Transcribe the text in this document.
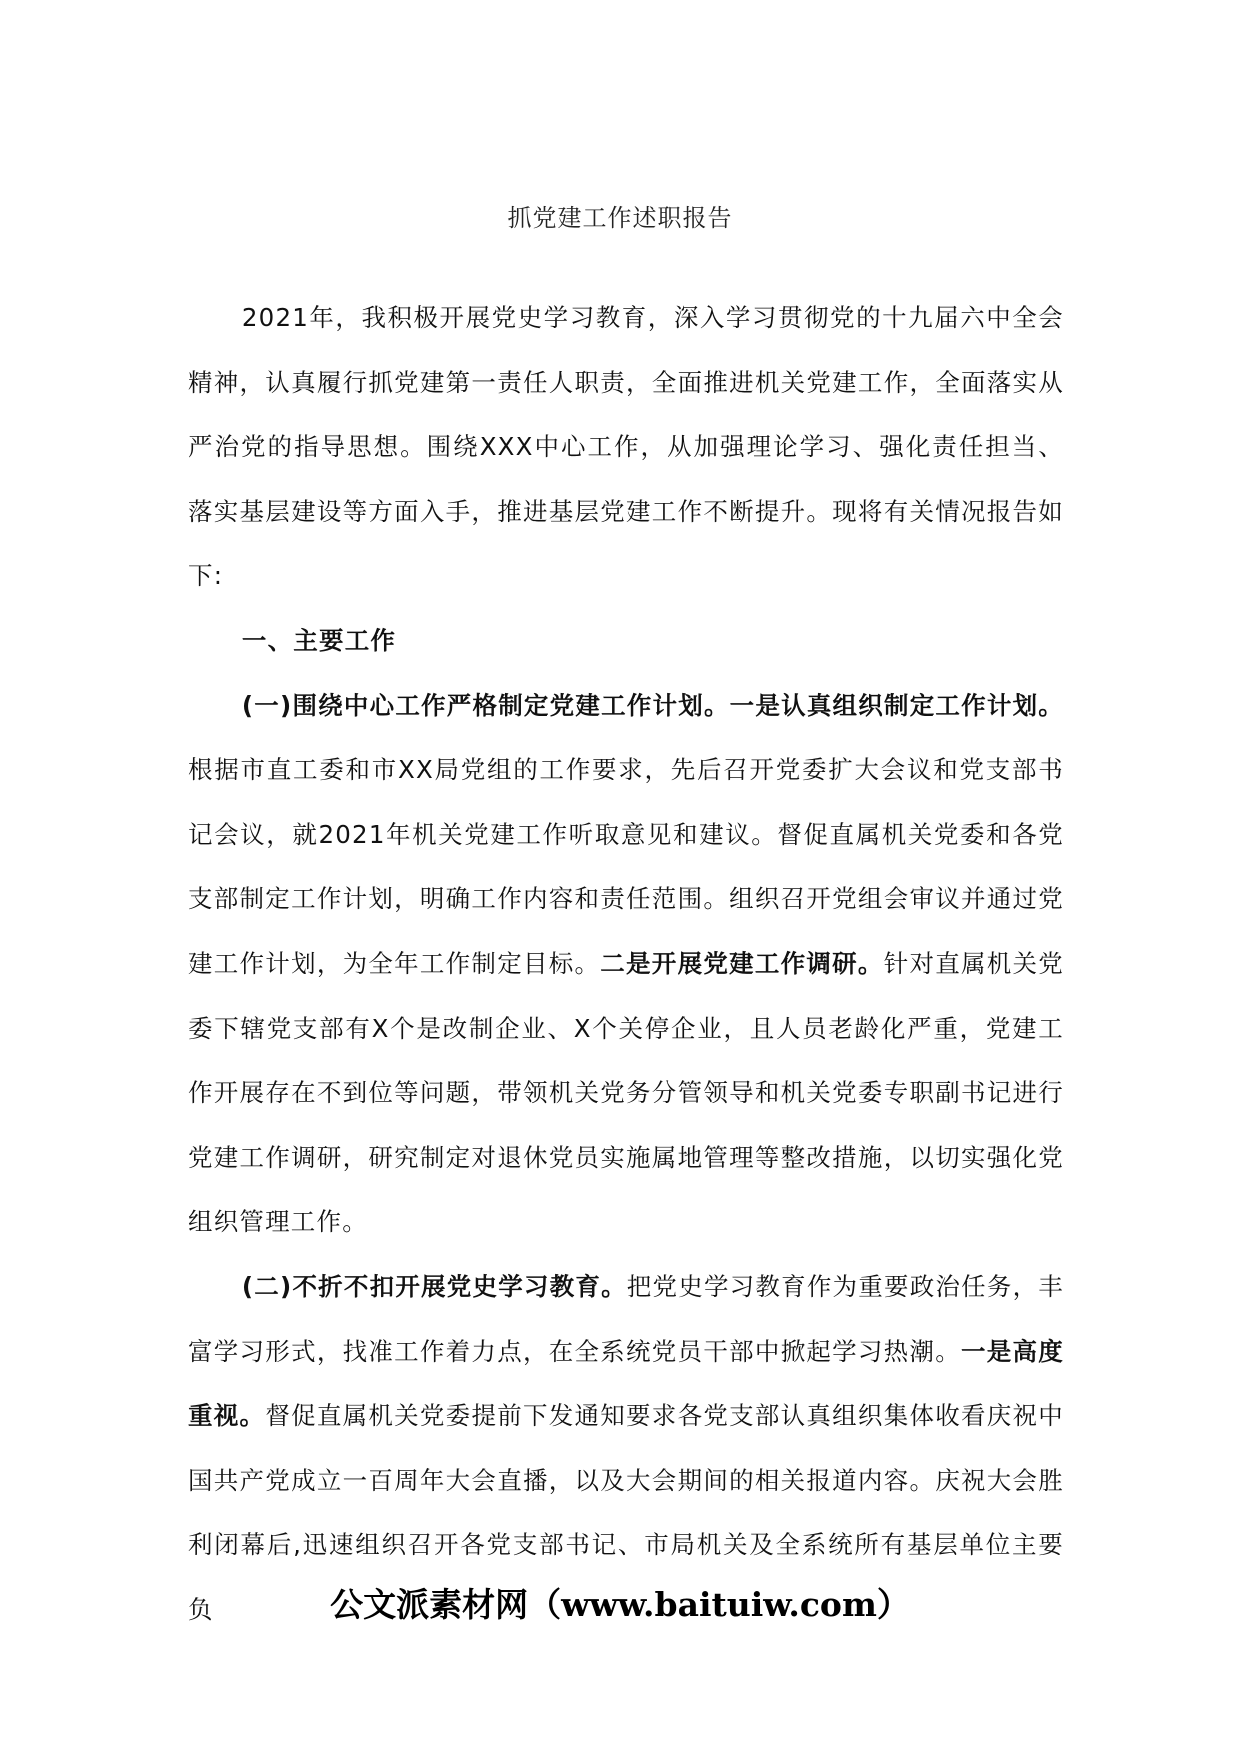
抓党建工作述职报告

2021年，我积极开展党史学习教育，深入学习贯彻党的十九届六中全会精神，认真履行抓党建第一责任人职责，全面推进机关党建工作，全面落实从严治党的指导思想。围绕XXX中心工作，从加强理论学习、强化责任担当、落实基层建设等方面入手，推进基层党建工作不断提升。现将有关情况报告如下:

一、主要工作

(一)围绕中心工作严格制定党建工作计划。一是认真组织制定工作计划。根据市直工委和市XX局党组的工作要求，先后召开党委扩大会议和党支部书记会议，就2021年机关党建工作听取意见和建议。督促直属机关党委和各党支部制定工作计划，明确工作内容和责任范围。组织召开党组会审议并通过党建工作计划，为全年工作制定目标。二是开展党建工作调研。针对直属机关党委下辖党支部有X个是改制企业、X个关停企业，且人员老龄化严重，党建工作开展存在不到位等问题，带领机关党务分管领导和机关党委专职副书记进行党建工作调研，研究制定对退休党员实施属地管理等整改措施，以切实强化党组织管理工作。

(二)不折不扣开展党史学习教育。把党史学习教育作为重要政治任务，丰富学习形式，找准工作着力点，在全系统党员干部中掀起学习热潮。一是高度重视。督促直属机关党委提前下发通知要求各党支部认真组织集体收看庆祝中国共产党成立一百周年大会直播，以及大会期间的相关报道内容。庆祝大会胜利闭幕后,迅速组织召开各党支部书记、市局机关及全系统所有基层单位主要负	公文派素材网（www.baituiw.com）
